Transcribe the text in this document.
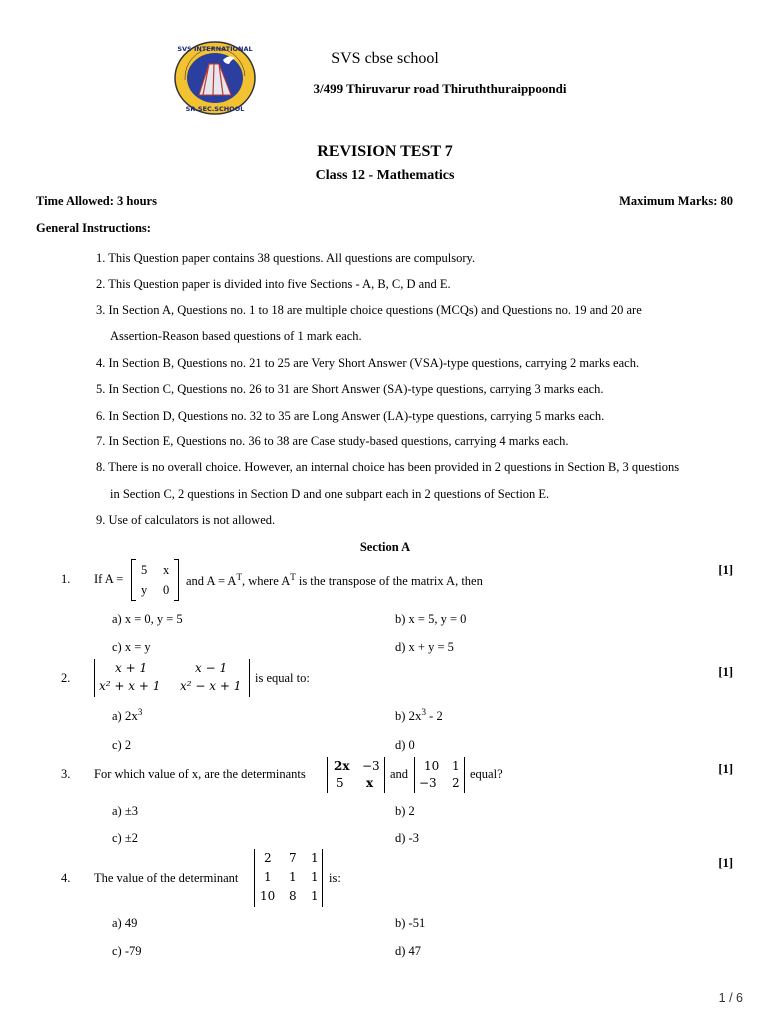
SVS INTERNATIONAL
SR.SEC.SCHOOL
SVS cbse school
3/499 Thiruvarur road Thiruththuraippoondi
REVISION TEST 7
Class 12 - Mathematics
Time Allowed: 3 hours	Maximum Marks: 80
General Instructions:
1. This Question paper contains 38 questions. All questions are compulsory.
2. This Question paper is divided into five Sections - A, B, C, D and E.
3. In Section A, Questions no. 1 to 18 are multiple choice questions (MCQs) and Questions no. 19 and 20 are
Assertion-Reason based questions of 1 mark each.
4. In Section B, Questions no. 21 to 25 are Very Short Answer (VSA)-type questions, carrying 2 marks each.
5. In Section C, Questions no. 26 to 31 are Short Answer (SA)-type questions, carrying 3 marks each.
6. In Section D, Questions no. 32 to 35 are Long Answer (LA)-type questions, carrying 5 marks each.
7. In Section E, Questions no. 36 to 38 are Case study-based questions, carrying 4 marks each.
8. There is no overall choice. However, an internal choice has been provided in 2 questions in Section B, 3 questions
in Section C, 2 questions in Section D and one subpart each in 2 questions of Section E.
9. Use of calculators is not allowed.
Section A
1. If A =
5 x
y 0
and $A = A^T$, where $A^T$ is the transpose of the matrix A, then
[1]
a) x = 0, y = 5	b) x = 5, y = 0
c) x = y	d) x + y = 5
2.
x + 1	x − 1
x² + x + 1 x² − x + 1
is equal to:	[1]
a) $2x^3$	b) $2x^3 - 2$
c) 2	d) 0
3. For which value of x, are the determinants
2x −3
5 x
and
10 1
−3 2
equal?	[1]
a) ±3	b) 2
c) ±2	d) -3
4. The value of the determinant
2 7 1
1 1 1
10 8 1
is:
[1]
a) 49	b) -51
c) -79	d) 47
1 / 6
